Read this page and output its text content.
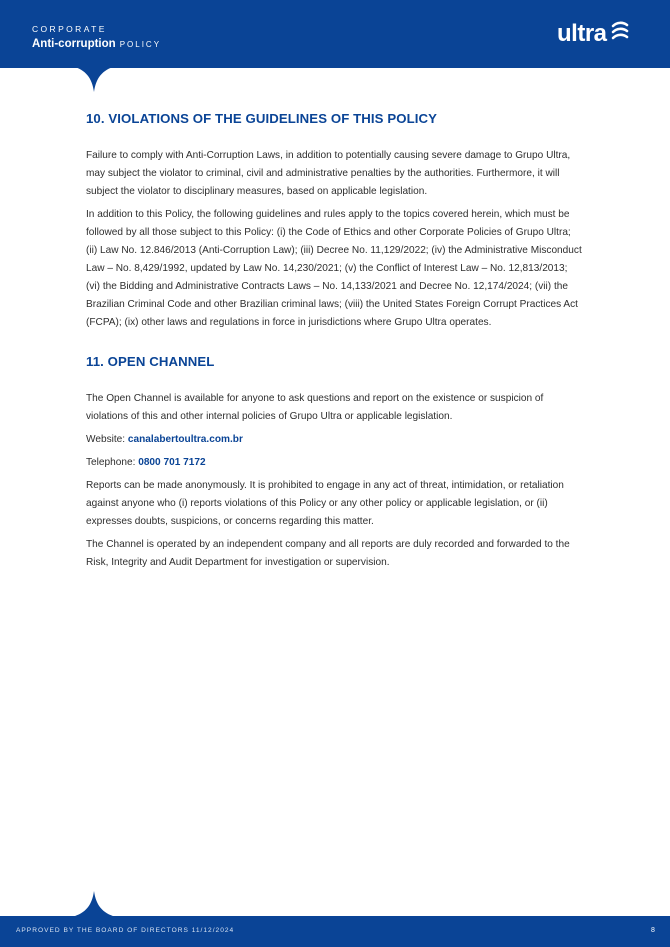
CORPORATE
Anti-corruption POLICY	ultra
10. VIOLATIONS OF THE GUIDELINES OF THIS POLICY

Failure to comply with Anti-Corruption Laws, in addition to potentially causing severe damage to Grupo Ultra, may subject the violator to criminal, civil and administrative penalties by the authorities. Furthermore, it will subject the violator to disciplinary measures, based on applicable legislation.

In addition to this Policy, the following guidelines and rules apply to the topics covered herein, which must be followed by all those subject to this Policy: (i) the Code of Ethics and other Corporate Policies of Grupo Ultra; (ii) Law No. 12.846/2013 (Anti-Corruption Law); (iii) Decree No. 11,129/2022; (iv) the Administrative Misconduct Law – No. 8,429/1992, updated by Law No. 14,230/2021; (v) the Conflict of Interest Law – No. 12,813/2013; (vi) the Bidding and Administrative Contracts Laws – No. 14,133/2021 and Decree No. 12,174/2024; (vii) the Brazilian Criminal Code and other Brazilian criminal laws; (viii) the United States Foreign Corrupt Practices Act (FCPA); (ix) other laws and regulations in force in jurisdictions where Grupo Ultra operates.

11. OPEN CHANNEL

The Open Channel is available for anyone to ask questions and report on the existence or suspicion of violations of this and other internal policies of Grupo Ultra or applicable legislation.

Website: canalabertoultra.com.br

Telephone: 0800 701 7172

Reports can be made anonymously. It is prohibited to engage in any act of threat, intimidation, or retaliation against anyone who (i) reports violations of this Policy or any other policy or applicable legislation, or (ii) expresses doubts, suspicions, or concerns regarding this matter.

The Channel is operated by an independent company and all reports are duly recorded and forwarded to the Risk, Integrity and Audit Department for investigation or supervision.

APPROVED BY THE BOARD OF DIRECTORS 11/12/2024	8
